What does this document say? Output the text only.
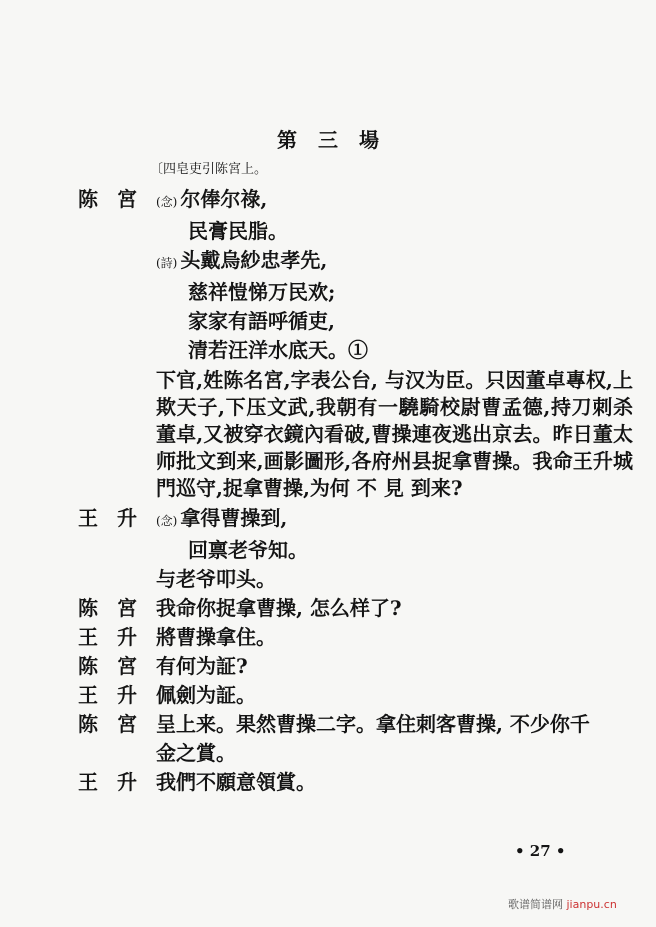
第 三 場
〔四皂吏引陈宮上。
陈 宮	(念) 尔俸尔祿,
民膏民脂。
(詩) 头戴烏紗忠孝先,
慈祥愷悌万民欢;
家家有語呼循吏,
清若汪洋水底天。①
下官,姓陈名宮,字表公台, 与汉为臣。只因董卓專权,上欺天子,下压文武,我朝有一驍騎校尉曹孟德,持刀刺杀董卓,又被穿衣鏡內看破,曹操連夜逃出京去。昨日董太师批文到来,画影圖形,各府州县捉拿曹操。我命王升城門巡守,捉拿曹操,为何 不 見 到来?
王 升	(念) 拿得曹操到,
回禀老爷知。
与老爷叩头。
陈 宮 我命你捉拿曹操, 怎么样了?
王 升 將曹操拿住。
陈 宮 有何为証?
王 升 佩劍为証。
陈 宮 呈上来。果然曹操二字。拿住刺客曹操, 不少你千
金之賞。
王 升 我們不願意領賞。
• 27 •
歌谱简谱网 jianpu.cn
